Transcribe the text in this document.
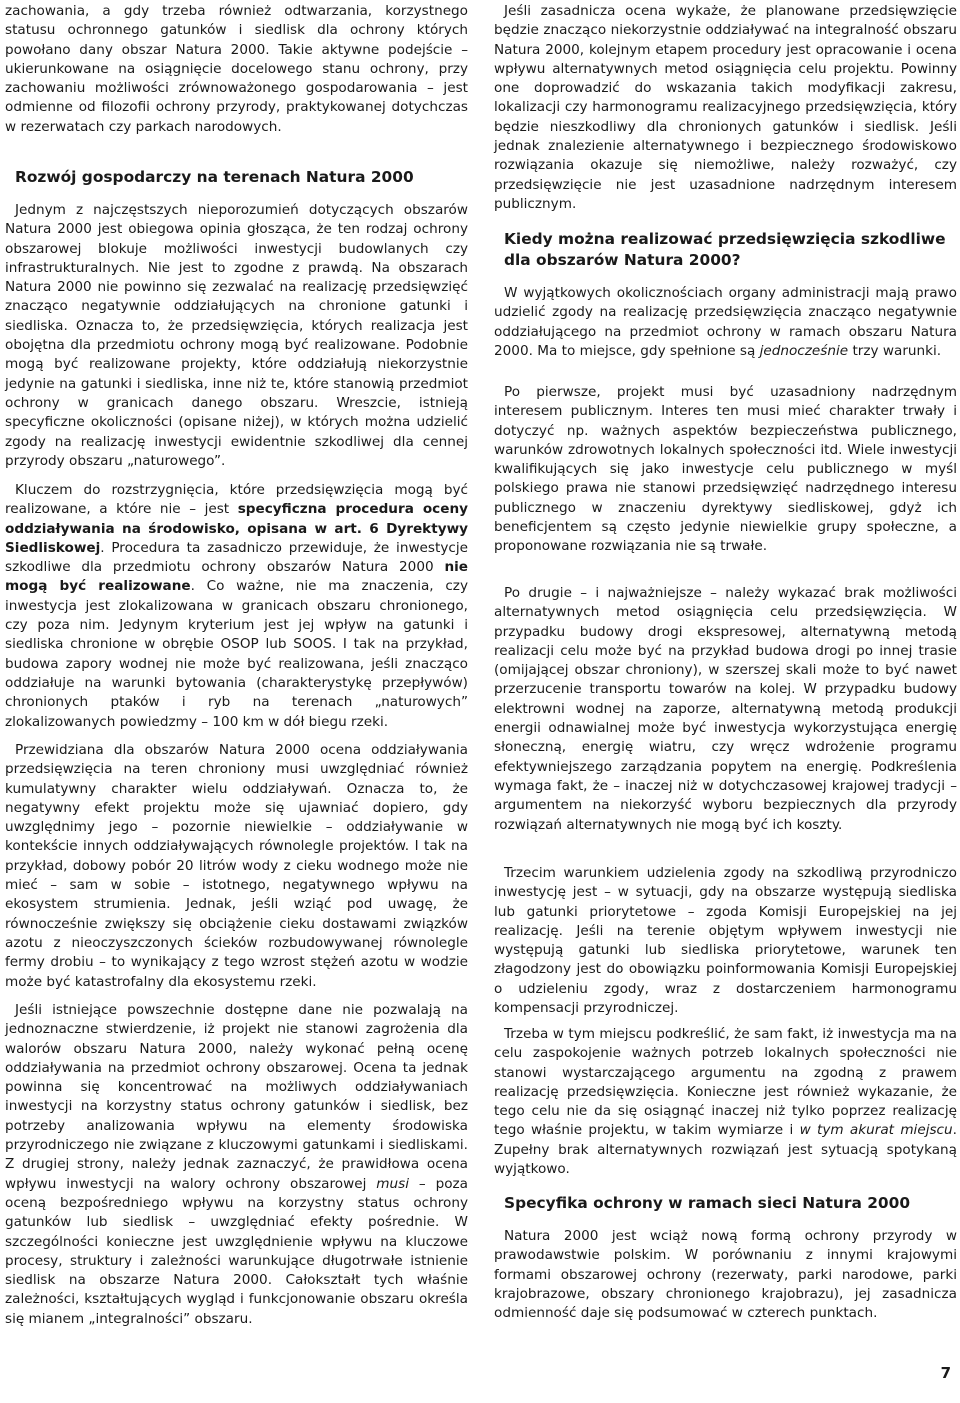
zachowania, a gdy trzeba również odtwarzania, korzystnego statusu ochronnego gatunków i siedlisk dla ochrony których powołano dany obszar Natura 2000. Takie aktywne podejście – ukierunkowane na osiągnięcie docelowego stanu ochrony, przy zachowaniu możliwości zrównoważonego gospodarowania – jest odmienne od filozofii ochrony przyrody, praktykowanej dotychczas w rezerwatach czy parkach narodowych.

Rozwój gospodarczy na terenach Natura 2000

Jednym z najczęstszych nieporozumień dotyczących obszarów Natura 2000 jest obiegowa opinia głosząca, że ten rodzaj ochrony obszarowej blokuje możliwości inwestycji budowlanych czy infrastrukturalnych. Nie jest to zgodne z prawdą. Na obszarach Natura 2000 nie powinno się zezwalać na realizację przedsięwzięć znacząco negatywnie oddziałujących na chronione gatunki i siedliska. Oznacza to, że przedsięwzięcia, których realizacja jest obojętna dla przedmiotu ochrony mogą być realizowane. Podobnie mogą być realizowane projekty, które oddziałują niekorzystnie jedynie na gatunki i siedliska, inne niż te, które stanowią przedmiot ochrony w granicach danego obszaru. Wreszcie, istnieją specyficzne okoliczności (opisane niżej), w których można udzielić zgody na realizację inwestycji ewidentnie szkodliwej dla cennej przyrody obszaru „naturowego”.

Kluczem do rozstrzygnięcia, które przedsięwzięcia mogą być realizowane, a które nie – jest specyficzna procedura oceny oddziaływania na środowisko, opisana w art. 6 Dyrektywy Siedliskowej. Procedura ta zasadniczo przewiduje, że inwestycje szkodliwe dla przedmiotu ochrony obszarów Natura 2000 nie mogą być realizowane. Co ważne, nie ma znaczenia, czy inwestycja jest zlokalizowana w granicach obszaru chronionego, czy poza nim. Jedynym kryterium jest jej wpływ na gatunki i siedliska chronione w obrębie OSOP lub SOOS. I tak na przykład, budowa zapory wodnej nie może być realizowana, jeśli znacząco oddziałuje na warunki bytowania (charakterystykę przepływów) chronionych ptaków i ryb na terenach „naturowych” zlokalizowanych powiedzmy – 100 km w dół biegu rzeki.

Przewidziana dla obszarów Natura 2000 ocena oddziaływania przedsięwzięcia na teren chroniony musi uwzględniać również kumulatywny charakter wielu oddziaływań. Oznacza to, że negatywny efekt projektu może się ujawniać dopiero, gdy uwzględnimy jego – pozornie niewielkie – oddziaływanie w kontekście innych oddziaływających równolegle projektów. I tak na przykład, dobowy pobór 20 litrów wody z cieku wodnego może nie mieć – sam w sobie – istotnego, negatywnego wpływu na ekosystem strumienia. Jednak, jeśli wziąć pod uwagę, że równocześnie zwiększy się obciążenie cieku dostawami związków azotu z nieoczyszczonych ścieków rozbudowywanej równolegle fermy drobiu – to wynikający z tego wzrost stężeń azotu w wodzie może być katastrofalny dla ekosystemu rzeki.

Jeśli istniejące powszechnie dostępne dane nie pozwalają na jednoznaczne stwierdzenie, iż projekt nie stanowi zagrożenia dla walorów obszaru Natura 2000, należy wykonać pełną ocenę oddziaływania na przedmiot ochrony obszarowej. Ocena ta jednak powinna się koncentrować na możliwych oddziaływaniach inwestycji na korzystny status ochrony gatunków i siedlisk, bez potrzeby analizowania wpływu na elementy środowiska przyrodniczego nie związane z kluczowymi gatunkami i siedliskami. Z drugiej strony, należy jednak zaznaczyć, że prawidłowa ocena wpływu inwestycji na walory ochrony obszarowej musi – poza oceną bezpośredniego wpływu na korzystny status ochrony gatunków lub siedlisk – uwzględniać efekty pośrednie. W szczególności konieczne jest uwzględnienie wpływu na kluczowe procesy, struktury i zależności warunkujące długotrwałe istnienie siedlisk na obszarze Natura 2000. Całokształt tych właśnie zależności, kształtujących wygląd i funkcjonowanie obszaru określa się mianem „integralności” obszaru.

Jeśli zasadnicza ocena wykaże, że planowane przedsięwzięcie będzie znacząco niekorzystnie oddziaływać na integralność obszaru Natura 2000, kolejnym etapem procedury jest opracowanie i ocena wpływu alternatywnych metod osiągnięcia celu projektu. Powinny one doprowadzić do wskazania takich modyfikacji zakresu, lokalizacji czy harmonogramu realizacyjnego przedsięwzięcia, który będzie nieszkodliwy dla chronionych gatunków i siedlisk. Jeśli jednak znalezienie alternatywnego i bezpiecznego środowiskowo rozwiązania okazuje się niemożliwe, należy rozważyć, czy przedsięwzięcie nie jest uzasadnione nadrzędnym interesem publicznym.

Kiedy można realizować przedsięwzięcia szkodliwe dla obszarów Natura 2000?

W wyjątkowych okolicznościach organy administracji mają prawo udzielić zgody na realizację przedsięwzięcia znacząco negatywnie oddziałującego na przedmiot ochrony w ramach obszaru Natura 2000. Ma to miejsce, gdy spełnione są jednocześnie trzy warunki.

Po pierwsze, projekt musi być uzasadniony nadrzędnym interesem publicznym. Interes ten musi mieć charakter trwały i dotyczyć np. ważnych aspektów bezpieczeństwa publicznego, warunków zdrowotnych lokalnych społeczności itd. Wiele inwestycji kwalifikujących się jako inwestycje celu publicznego w myśl polskiego prawa nie stanowi przedsięwzięć nadrzędnego interesu publicznego w znaczeniu dyrektywy siedliskowej, gdyż ich beneficjentem są często jedynie niewielkie grupy społeczne, a proponowane rozwiązania nie są trwałe.

Po drugie – i najważniejsze – należy wykazać brak możliwości alternatywnych metod osiągnięcia celu przedsięwzięcia. W przypadku budowy drogi ekspresowej, alternatywną metodą realizacji celu może być na przykład budowa drogi po innej trasie (omijającej obszar chroniony), w szerszej skali może to być nawet przerzucenie transportu towarów na kolej. W przypadku budowy elektrowni wodnej na zaporze, alternatywną metodą produkcji energii odnawialnej może być inwestycja wykorzystująca energię słoneczną, energię wiatru, czy wręcz wdrożenie programu efektywniejszego zarządzania popytem na energię. Podkreślenia wymaga fakt, że – inaczej niż w dotychczasowej krajowej tradycji – argumentem na niekorzyść wyboru bezpiecznych dla przyrody rozwiązań alternatywnych nie mogą być ich koszty.

Trzecim warunkiem udzielenia zgody na szkodliwą przyrodniczo inwestycję jest – w sytuacji, gdy na obszarze występują siedliska lub gatunki priorytetowe – zgoda Komisji Europejskiej na jej realizację. Jeśli na terenie objętym wpływem inwestycji nie występują gatunki lub siedliska priorytetowe, warunek ten złagodzony jest do obowiązku poinformowania Komisji Europejskiej o udzieleniu zgody, wraz z dostarczeniem harmonogramu kompensacji przyrodniczej.

Trzeba w tym miejscu podkreślić, że sam fakt, iż inwestycja ma na celu zaspokojenie ważnych potrzeb lokalnych społeczności nie stanowi wystarczającego argumentu na zgodną z prawem realizację przedsięwzięcia. Konieczne jest również wykazanie, że tego celu nie da się osiągnąć inaczej niż tylko poprzez realizację tego właśnie projektu, w takim wymiarze i w tym akurat miejscu. Zupełny brak alternatywnych rozwiązań jest sytuacją spotykaną wyjątkowo.

Specyfika ochrony w ramach sieci Natura 2000

Natura 2000 jest wciąż nową formą ochrony przyrody w prawodawstwie polskim. W porównaniu z innymi krajowymi formami obszarowej ochrony (rezerwaty, parki narodowe, parki krajobrazowe, obszary chronionego krajobrazu), jej zasadnicza odmienność daje się podsumować w czterech punktach.

7
